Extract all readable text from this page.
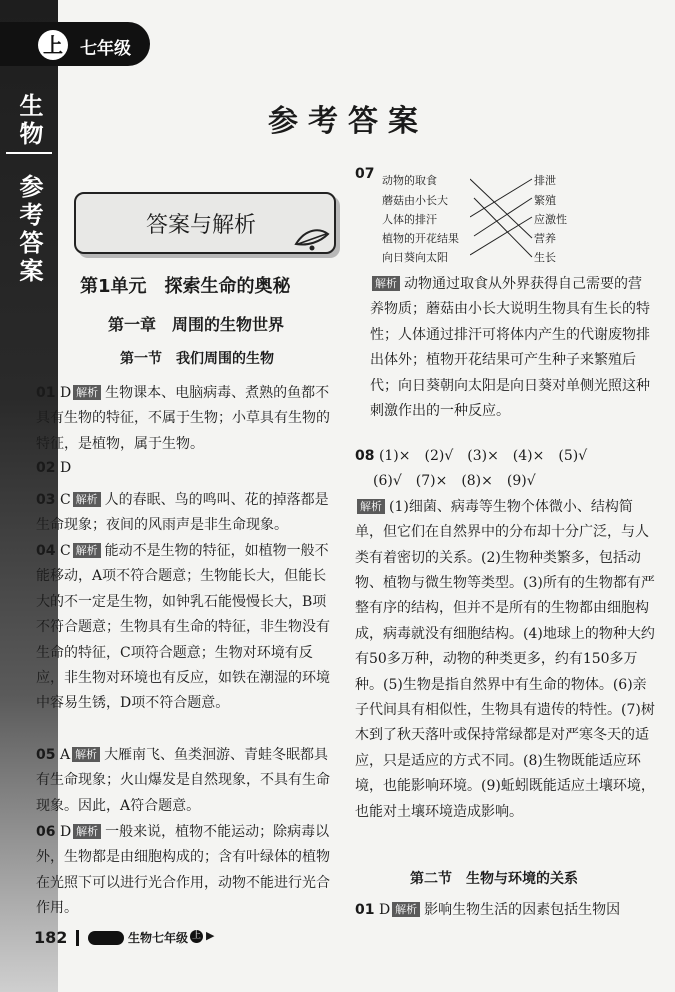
上 七年级
生物
参考答案
参考答案
答案与解析
第1单元　探索生命的奥秘
第一章　周围的生物世界
第一节　我们周围的生物
01 D 解析 生物课本、电脑病毒、煮熟的鱼都不具有生物的特征，不属于生物；小草具有生物的特征，是植物，属于生物。
02 D
03 C 解析 人的春眠、鸟的鸣叫、花的掉落都是生命现象；夜间的风雨声是非生命现象。
04 C 解析 能动不是生物的特征，如植物一般不能移动，A项不符合题意；生物能长大，但能长大的不一定是生物，如钟乳石能慢慢长大，B项不符合题意；生物具有生命的特征，非生物没有生命的特征，C项符合题意；生物对环境有反应，非生物对环境也有反应，如铁在潮湿的环境中容易生锈，D项不符合题意。
05 A 解析 大雁南飞、鱼类洄游、青蛙冬眠都具有生命现象；火山爆发是自然现象，不具有生命现象。因此，A符合题意。
06 D 解析 一般来说，植物不能运动；除病毒以外，生物都是由细胞构成的；含有叶绿体的植物在光照下可以进行光合作用，动物不能进行光合作用。
07 动物的取食
蘑菇由小长大
人体的排汗
植物的开花结果
向日葵向太阳
排泄
繁殖
应激性
营养
生长
解析 动物通过取食从外界获得自己需要的营养物质；蘑菇由小长大说明生物具有生长的特性；人体通过排汗可将体内产生的代谢废物排出体外；植物开花结果可产生种子来繁殖后代；向日葵朝向太阳是向日葵对单侧光照这种刺激作出的一种反应。
08 (1)×　(2)√　(3)×　(4)×　(5)√
(6)√　(7)×　(8)×　(9)√
解析 (1)细菌、病毒等生物个体微小、结构简单，但它们在自然界中的分布却十分广泛，与人类有着密切的关系。(2)生物种类繁多，包括动物、植物与微生物等类型。(3)所有的生物都有严整有序的结构，但并不是所有的生物都由细胞构成，病毒就没有细胞结构。(4)地球上的物种大约有50多万种，动物的种类更多，约有150多万种。(5)生物是指自然界中有生命的物体。(6)亲子代间具有相似性，生物具有遗传的特性。(7)树木到了秋天落叶或保持常绿都是对严寒冬天的适应，只是适应的方式不同。(8)生物既能适应环境，也能影响环境。(9)蚯蚓既能适应土壤环境，也能对土壤环境造成影响。
第二节　生物与环境的关系
01 D 解析 影响生物生活的因素包括生物因
182	生物七年级 上 ▶
